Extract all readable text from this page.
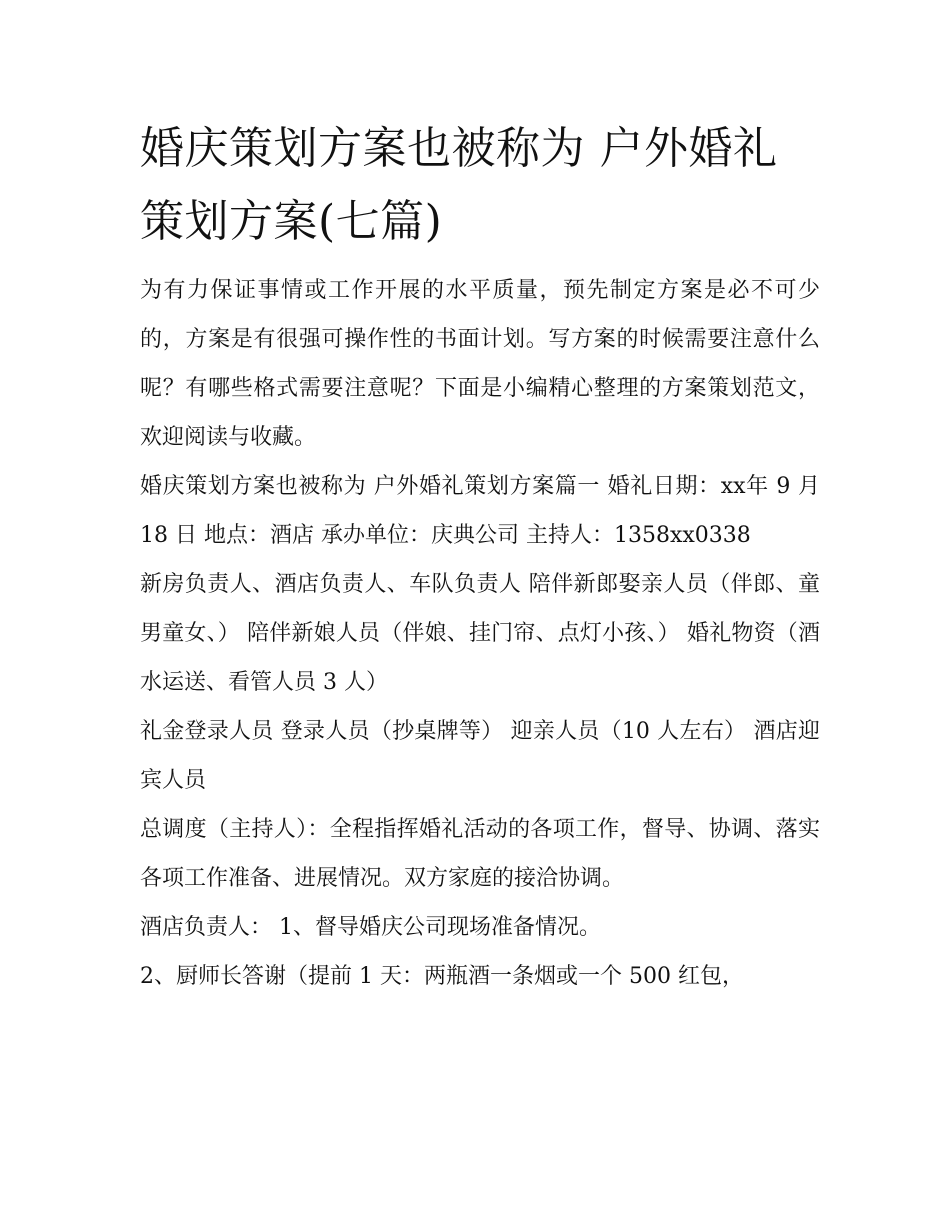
婚庆策划方案也被称为 户外婚礼策划方案(七篇)

为有力保证事情或工作开展的水平质量，预先制定方案是必不可少的，方案是有很强可操作性的书面计划。写方案的时候需要注意什么呢？有哪些格式需要注意呢？下面是小编精心整理的方案策划范文，欢迎阅读与收藏。

婚庆策划方案也被称为 户外婚礼策划方案篇一 婚礼日期：xx年 9 月 18 日 地点：酒店 承办单位：庆典公司 主持人：1358xx0338

新房负责人、酒店负责人、车队负责人 陪伴新郎娶亲人员（伴郎、童男童女、） 陪伴新娘人员（伴娘、挂门帘、点灯小孩、） 婚礼物资（酒水运送、看管人员 3 人）

礼金登录人员 登录人员（抄桌牌等） 迎亲人员（10 人左右） 酒店迎宾人员

总调度（主持人）：全程指挥婚礼活动的各项工作，督导、协调、落实各项工作准备、进展情况。双方家庭的接洽协调。

酒店负责人： 1、督导婚庆公司现场准备情况。

2、厨师长答谢（提前 1 天：两瓶酒一条烟或一个 500 红包，
